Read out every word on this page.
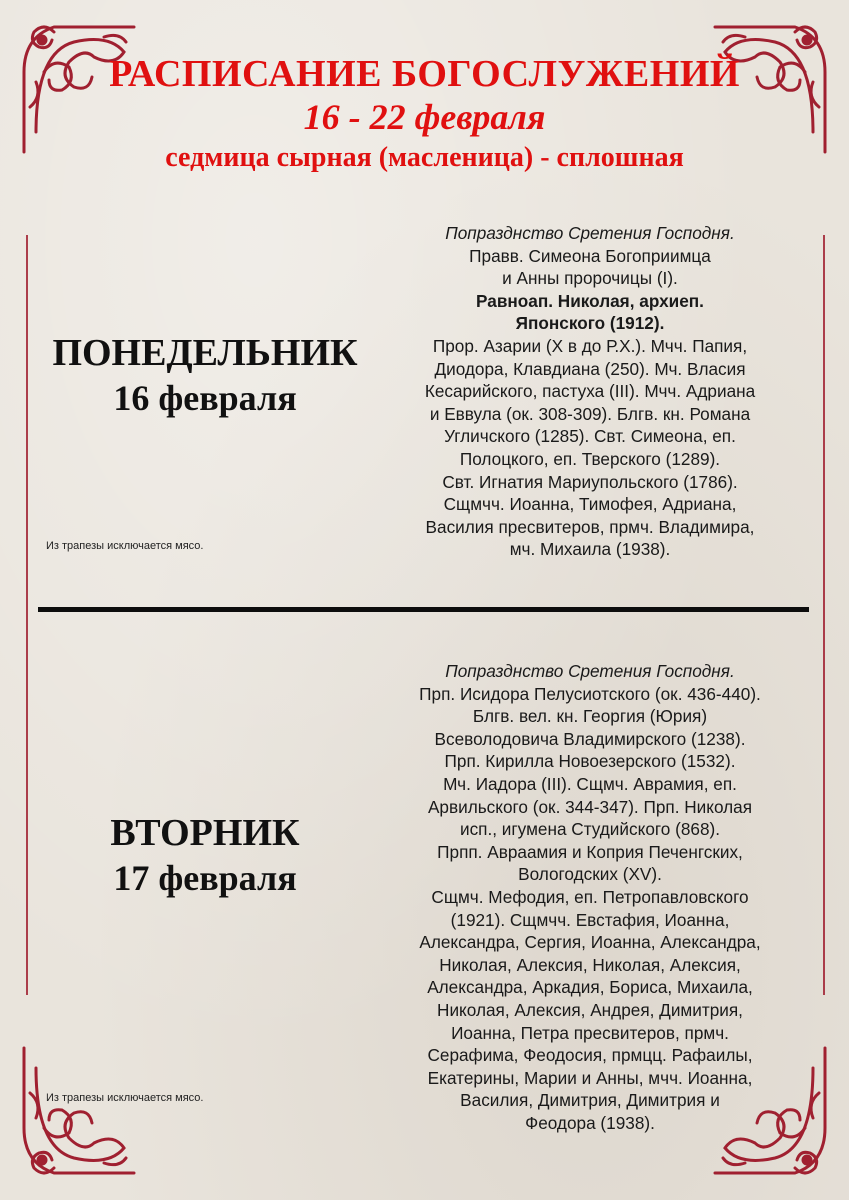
РАСПИСАНИЕ БОГОСЛУЖЕНИЙ
16 - 22 февраля
седмица сырная (масленица) - сплошная
ПОНЕДЕЛЬНИК
16 февраля
Из трапезы исключается мясо.
Попразднство Сретения Господня.
Правв. Симеона Богоприимца
и Анны пророчицы (I).
Равноап. Николая, архиеп.
Японского (1912).
Прор. Азарии (X в до Р.Х.). Мчч. Папия,
Диодора, Клавдиана (250). Мч. Власия
Кесарийского, пастуха (III). Мчч. Адриана
и Еввула (ок. 308-309). Блгв. кн. Романа
Угличского (1285). Свт. Симеона, еп.
Полоцкого, еп. Тверского (1289).
Свт. Игнатия Мариупольского (1786).
Сщмчч. Иоанна, Тимофея, Адриана,
Василия пресвитеров, прмч. Владимира,
мч. Михаила (1938).
ВТОРНИК
17 февраля
Из трапезы исключается мясо.
Попразднство Сретения Господня.
Прп. Исидора Пелусиотского (ок. 436-440).
Блгв. вел. кн. Георгия (Юрия)
Всеволодовича Владимирского (1238).
Прп. Кирилла Новоезерского (1532).
Мч. Иадора (III). Сщмч. Аврамия, еп.
Арвильского (ок. 344-347). Прп. Николая
исп., игумена Студийского (868).
Прпп. Авраамия и Коприя Печенгских,
Вологодских (XV).
Сщмч. Мефодия, еп. Петропавловского
(1921). Сщмчч. Евстафия, Иоанна,
Александра, Сергия, Иоанна, Александра,
Николая, Алексия, Николая, Алексия,
Александра, Аркадия, Бориса, Михаила,
Николая, Алексия, Андрея, Димитрия,
Иоанна, Петра пресвитеров, прмч.
Серафима, Феодосия, прмцц. Рафаилы,
Екатерины, Марии и Анны, мчч. Иоанна,
Василия, Димитрия, Димитрия и
Феодора (1938).
